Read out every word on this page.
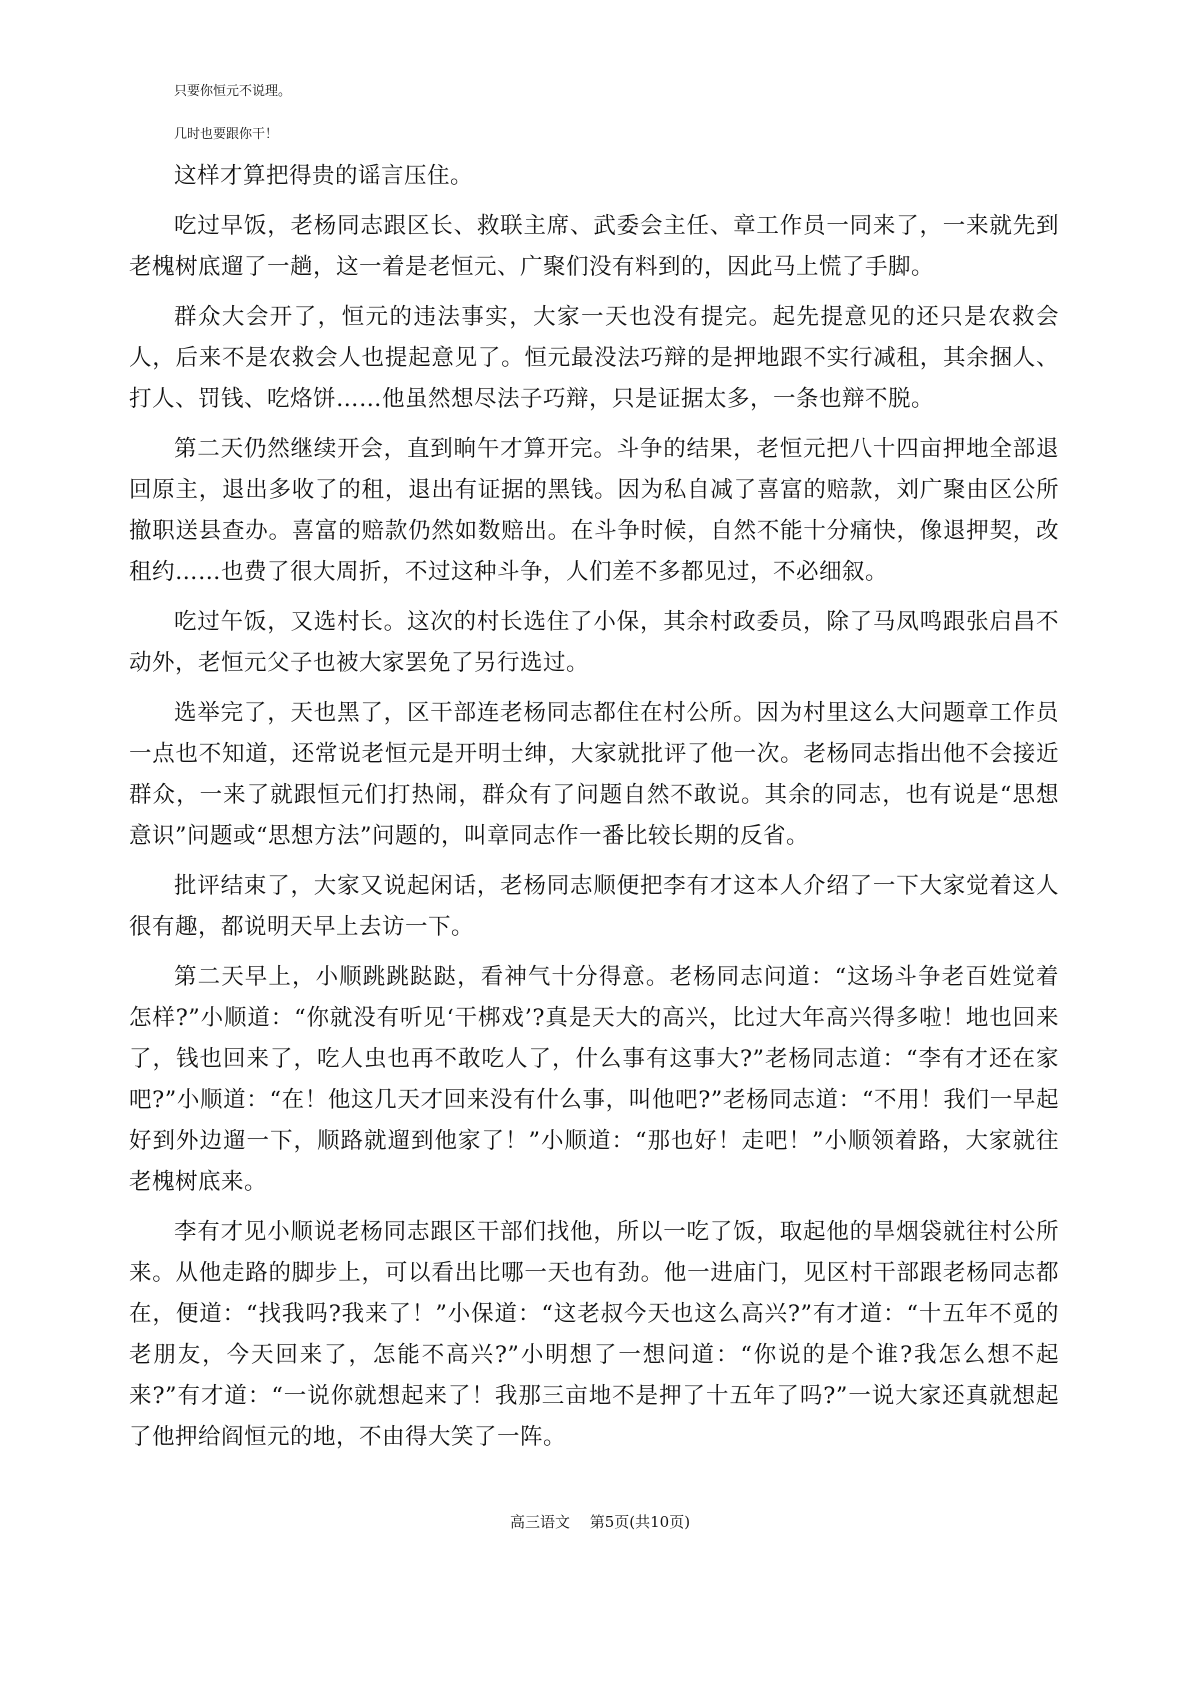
只要你恒元不说理。

几时也要跟你干！

这样才算把得贵的谣言压住。

吃过早饭，老杨同志跟区长、救联主席、武委会主任、章工作员一同来了，一来就先到老槐树底遛了一趟，这一着是老恒元、广聚们没有料到的，因此马上慌了手脚。

群众大会开了，恒元的违法事实，大家一天也没有提完。起先提意见的还只是农救会人，后来不是农救会人也提起意见了。恒元最没法巧辩的是押地跟不实行减租，其余捆人、打人、罚钱、吃烙饼……他虽然想尽法子巧辩，只是证据太多，一条也辩不脱。

第二天仍然继续开会，直到晌午才算开完。斗争的结果，老恒元把八十四亩押地全部退回原主，退出多收了的租，退出有证据的黑钱。因为私自减了喜富的赔款，刘广聚由区公所撤职送县查办。喜富的赔款仍然如数赔出。在斗争时候，自然不能十分痛快，像退押契，改租约……也费了很大周折，不过这种斗争，人们差不多都见过，不必细叙。

吃过午饭，又选村长。这次的村长选住了小保，其余村政委员，除了马凤鸣跟张启昌不动外，老恒元父子也被大家罢免了另行选过。

选举完了，天也黑了，区干部连老杨同志都住在村公所。因为村里这么大问题章工作员一点也不知道，还常说老恒元是开明士绅，大家就批评了他一次。老杨同志指出他不会接近群众，一来了就跟恒元们打热闹，群众有了问题自然不敢说。其余的同志，也有说是“思想意识”问题或“思想方法”问题的，叫章同志作一番比较长期的反省。

批评结束了，大家又说起闲话，老杨同志顺便把李有才这本人介绍了一下大家觉着这人很有趣，都说明天早上去访一下。

第二天早上，小顺跳跳跶跶，看神气十分得意。老杨同志问道：“这场斗争老百姓觉着怎样?”小顺道：“你就没有听见‘干梆戏’?真是天大的高兴，比过大年高兴得多啦！地也回来了，钱也回来了，吃人虫也再不敢吃人了，什么事有这事大?”老杨同志道：“李有才还在家吧?”小顺道：“在！他这几天才回来没有什么事，叫他吧?”老杨同志道：“不用！我们一早起好到外边遛一下，顺路就遛到他家了！”小顺道：“那也好！走吧！”小顺领着路，大家就往老槐树底来。

李有才见小顺说老杨同志跟区干部们找他，所以一吃了饭，取起他的旱烟袋就往村公所来。从他走路的脚步上，可以看出比哪一天也有劲。他一进庙门，见区村干部跟老杨同志都在，便道：“找我吗?我来了！”小保道：“这老叔今天也这么高兴?”有才道：“十五年不觅的老朋友，今天回来了，怎能不高兴?”小明想了一想问道：“你说的是个谁?我怎么想不起来?”有才道：“一说你就想起来了！我那三亩地不是押了十五年了吗?”一说大家还真就想起了他押给阎恒元的地，不由得大笑了一阵。

高三语文　 第5页(共10页)
